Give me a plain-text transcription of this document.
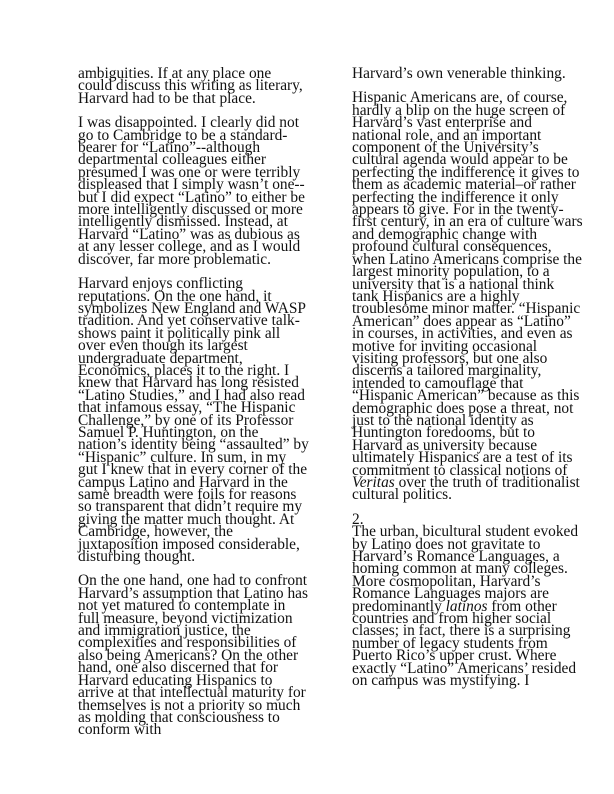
ambiguities. If at any place one could discuss this writing as literary, Harvard had to be that place.

I was disappointed. I clearly did not go to Cambridge to be a standard-bearer for “Latino”--although departmental colleagues either presumed I was one or were terribly displeased that I simply wasn’t one--but I did expect “Latino” to either be more intelligently discussed or more intelligently dismissed. Instead, at Harvard “Latino” was as dubious as at any lesser college, and as I would discover, far more problematic.

Harvard enjoys conflicting reputations. On the one hand, it symbolizes New England and WASP tradition. And yet conservative talk-shows paint it politically pink all over even though its largest undergraduate department, Economics, places it to the right. I knew that Harvard has long resisted “Latino Studies,” and I had also read that infamous essay, “The Hispanic Challenge,” by one of its Professor Samuel P. Huntington, on the nation’s identity being “assaulted” by “Hispanic” culture. In sum, in my gut I knew that in every corner of the campus Latino and Harvard in the same breadth were foils for reasons so transparent that didn’t require my giving the matter much thought. At Cambridge, however, the juxtaposition imposed considerable, disturbing thought.

On the one hand, one had to confront Harvard’s assumption that Latino has not yet matured to contemplate in full measure, beyond victimization and immigration justice, the complexities and responsibilities of also being Americans? On the other hand, one also discerned that for Harvard educating Hispanics to arrive at that intellectual maturity for themselves is not a priority so much as molding that consciousness to conform with

Harvard’s own venerable thinking.

Hispanic Americans are, of course, hardly a blip on the huge screen of Harvard’s vast enterprise and national role, and an important component of the University’s cultural agenda would appear to be perfecting the indifference it gives to them as academic material–or rather perfecting the indifference it only appears to give. For in the twenty-first century, in an era of culture wars and demographic change with profound cultural consequences, when Latino Americans comprise the largest minority population, to a university that is a national think tank Hispanics are a highly troublesome minor matter. “Hispanic American” does appear as “Latino” in courses, in activities, and even as motive for inviting occasional visiting professors, but one also discerns a tailored marginality, intended to camouflage that “Hispanic American” because as this demographic does pose a threat, not just to the national identity as Huntington foredooms, but to Harvard as university because ultimately Hispanics are a test of its commitment to classical notions of Veritas over the truth of traditionalist cultural politics.

2.

The urban, bicultural student evoked by Latino does not gravitate to Harvard’s Romance Languages, a homing common at many colleges. More cosmopolitan, Harvard’s Romance Languages majors are predominantly latinos from other countries and from higher social classes; in fact, there is a surprising number of legacy students from Puerto Rico’s upper crust. Where exactly “Latino” Americans’ resided on campus was mystifying. I
